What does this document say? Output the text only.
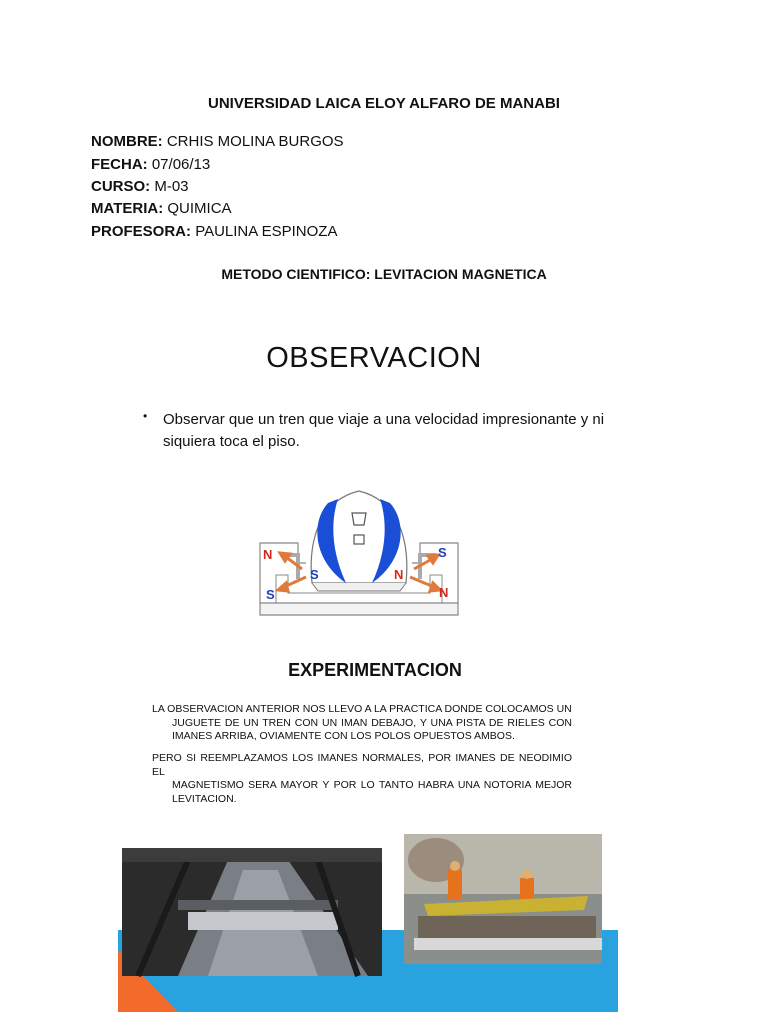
UNIVERSIDAD LAICA ELOY ALFARO DE MANABI
NOMBRE: CRHIS MOLINA BURGOS
FECHA: 07/06/13
CURSO: M-03
MATERIA: QUIMICA
PROFESORA: PAULINA ESPINOZA
METODO CIENTIFICO: LEVITACION MAGNETICA
OBSERVACION
• Observar que un tren que viaje a una velocidad impresionante y ni siquiera toca el piso.
N
S
S
S
N
N
EXPERIMENTACION
LA OBSERVACION ANTERIOR NOS LLEVO A LA PRACTICA DONDE COLOCAMOS UN
JUGUETE DE UN TREN CON UN IMAN DEBAJO, Y UNA PISTA DE RIELES CON IMANES ARRIBA, OVIAMENTE CON LOS POLOS OPUESTOS AMBOS.
PERO SI REEMPLAZAMOS LOS IMANES NORMALES, POR IMANES DE NEODIMIO EL
MAGNETISMO SERA MAYOR Y POR LO TANTO HABRA UNA NOTORIA MEJOR LEVITACION.
